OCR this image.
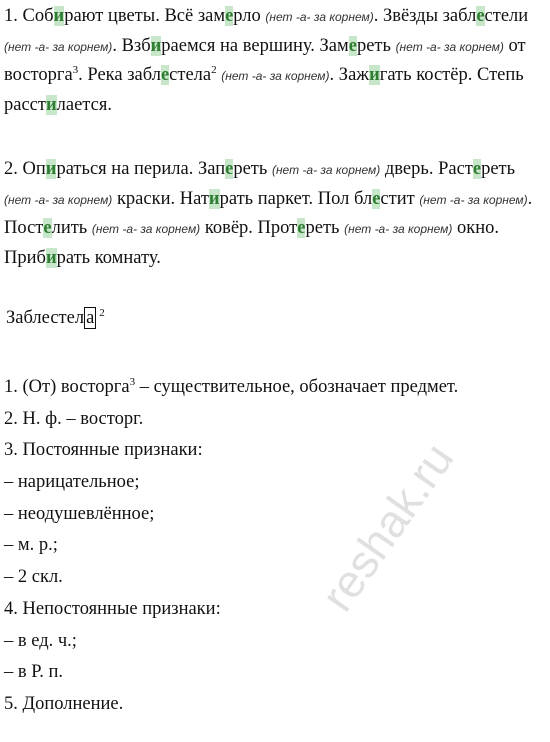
1. Собирают цветы. Всё замерло (нет -а- за корнем). Звёзды заблестели (нет -а- за корнем). Взбираемся на вершину. Замереть (нет -а- за корнем) от восторга$^3$. Река заблестела$^2$ (нет -а- за корнем). Зажигать костёр. Степь расстилается.
2. Опираться на перила. Запереть (нет -а- за корнем) дверь. Растереть (нет -а- за корнем) краски. Натирать паркет. Пол блестит (нет -а- за корнем). Постелить (нет -а- за корнем) ковёр. Протереть (нет -а- за корнем) окно. Прибирать комнату.
Заблестел а $^2$
1. (От) восторга$^3$ – существительное, обозначает предмет.
2. Н. ф. – восторг.
3. Постоянные признаки:
– нарицательное;
– неодушевлённое;
– м. р.;
– 2 скл.
4. Непостоянные признаки:
– в ед. ч.;
– в Р. п.
5. Дополнение.
reshak.ru
